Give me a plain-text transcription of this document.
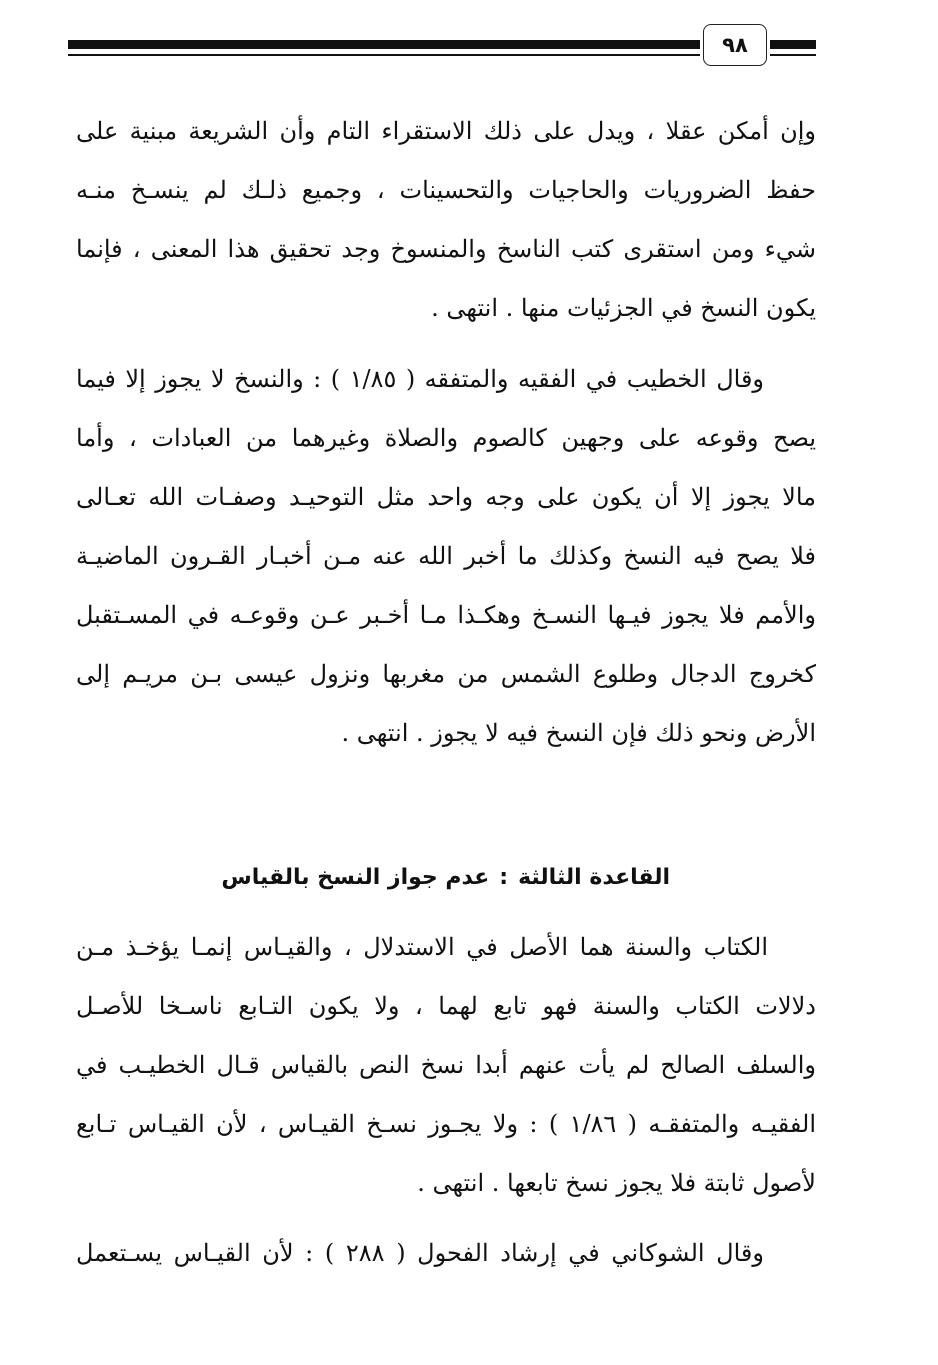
٩٨
وإن أمكن عقلا ، ويدل على ذلك الاستقراء التام وأن الشريعة مبنية على
حفظ الضروريات والحاجيات والتحسينات ، وجميع ذلـك لم ينسـخ منـه
شيء ومن استقرى كتب الناسخ والمنسوخ وجد تحقيق هذا المعنى ، فإنما
يكون النسخ في الجزئيات منها . انتهى .
وقال الخطيب في الفقيه والمتفقه ( ١/٨٥ ) : والنسخ لا يجوز إلا فيما
يصح وقوعه على وجهين كالصوم والصلاة وغيرهما من العبادات ، وأما
مالا يجوز إلا أن يكون على وجه واحد مثل التوحيـد وصفـات الله تعـالى
فلا يصح فيه النسخ وكذلك ما أخبر الله عنه مـن أخبـار القـرون الماضيـة
والأمم فلا يجوز فيـها النسـخ وهكـذا مـا أخـبر عـن وقوعـه في المسـتقبل
كخروج الدجال وطلوع الشمس من مغربها ونزول عيسى بـن مريـم إلى
الأرض ونحو ذلك فإن النسخ فيه لا يجوز . انتهى .
القاعدة الثالثة:عدم جواز النسخ بالقياس
الكتاب والسنة هما الأصل في الاستدلال ، والقيـاس إنمـا يؤخـذ مـن
دلالات الكتاب والسنة فهو تابع لهما ، ولا يكون التـابع ناسـخا للأصـل
والسلف الصالح لم يأت عنهم أبدا نسخ النص بالقياس قـال الخطيـب في
الفقيـه والمتفقـه ( ١/٨٦ ) : ولا يجـوز نسـخ القيـاس ، لأن القيـاس تـابع
لأصول ثابتة فلا يجوز نسخ تابعها . انتهى .
وقال الشوكاني في إرشاد الفحول ( ٢٨٨ ) : لأن القيـاس يسـتعمل
